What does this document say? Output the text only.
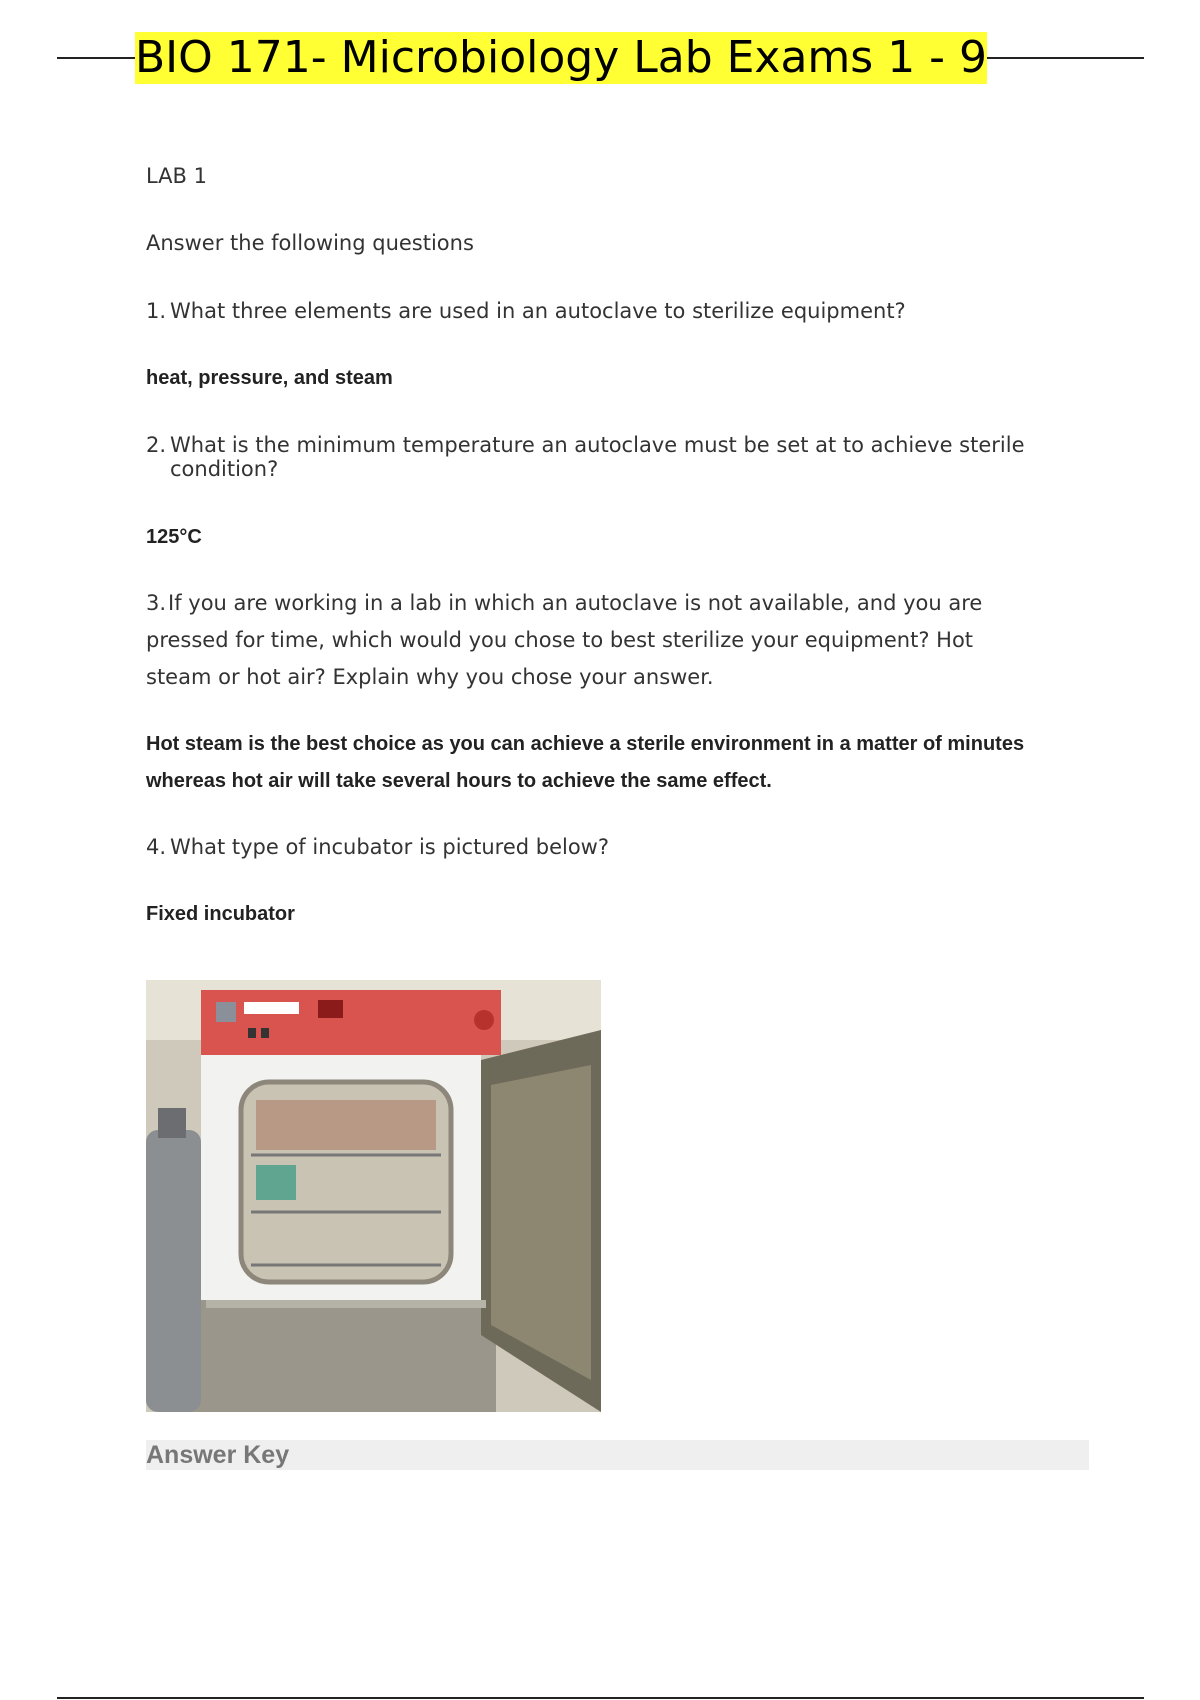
BIO 171- Microbiology Lab Exams 1 - 9
LAB 1
Answer the following questions
1. What three elements are used in an autoclave to sterilize equipment?
heat, pressure, and steam
2. What is the minimum temperature an autoclave must be set at to achieve sterile
condition?
125°C
3.If you are working in a lab in which an autoclave is not available, and you are
pressed for time, which would you chose to best sterilize your equipment? Hot
steam or hot air? Explain why you chose your answer.
Hot steam is the best choice as you can achieve a sterile environment in a matter of minutes
whereas hot air will take several hours to achieve the same effect.
4. What type of incubator is pictured below?
Fixed incubator
Answer Key
